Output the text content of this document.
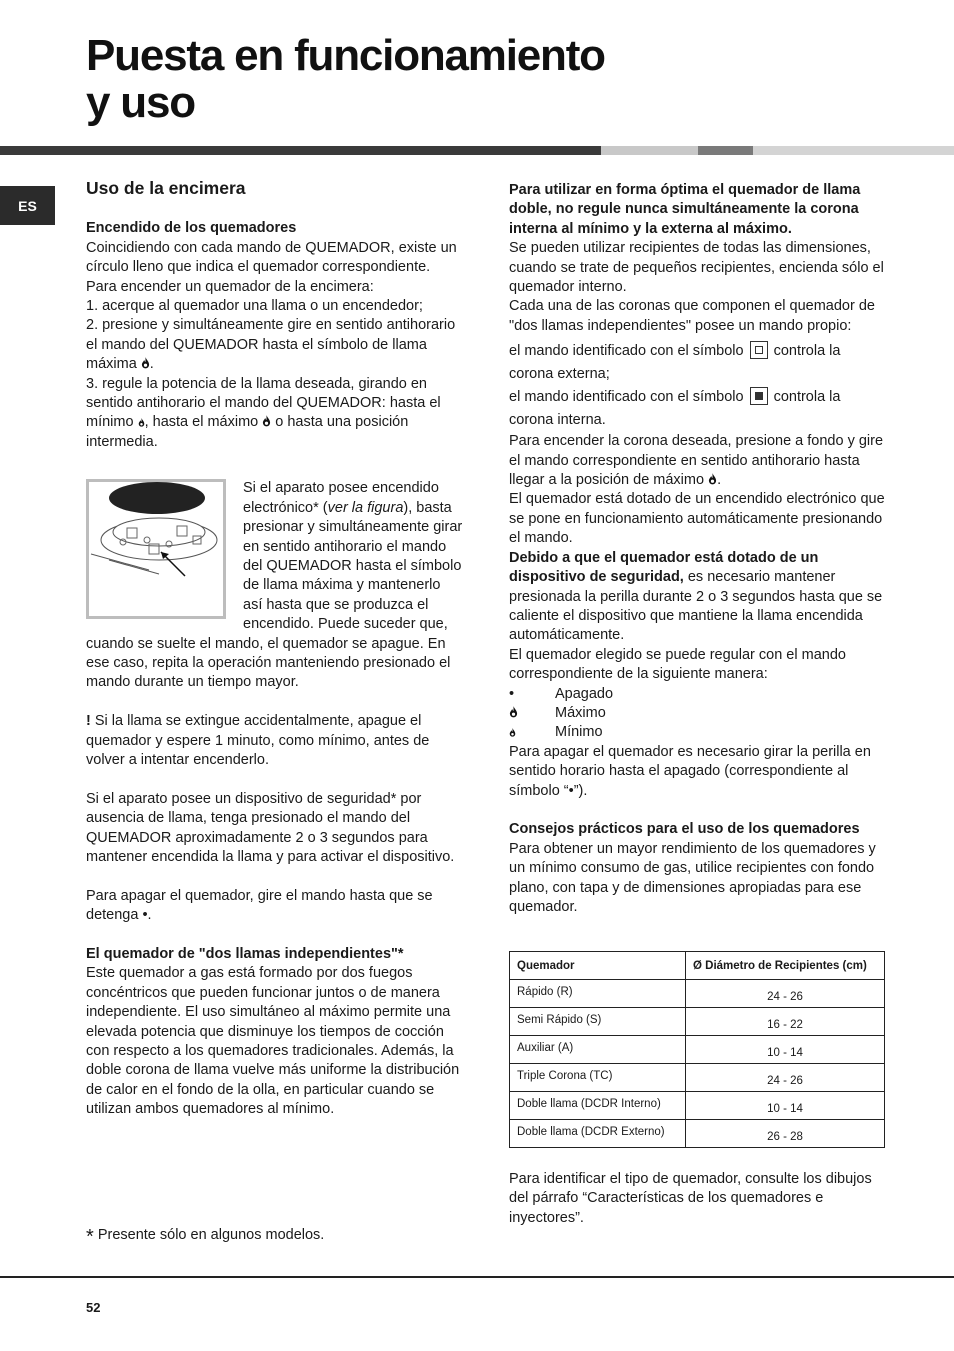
Puesta en funcionamiento
y uso
ES

Uso de la encimera

Encendido de los quemadores

Coincidiendo con cada mando de QUEMADOR, existe un círculo lleno que indica el quemador correspondiente.

Para encender un quemador de la encimera:

1. acerque al quemador una llama o un encendedor;

2. presione y simultáneamente gire en sentido antihorario el mando del QUEMADOR hasta el símbolo de llama máxima .

3. regule la potencia de la llama deseada, girando en sentido antihorario el mando del QUEMADOR: hasta el mínimo , hasta el máximo  o hasta una posición intermedia.

Si el aparato posee encendido electrónico* (ver la figura), basta presionar y simultáneamente girar en sentido antihorario el mando del QUEMADOR hasta el símbolo de llama máxima y mantenerlo así hasta que se produzca el encendido. Puede suceder que, cuando se suelte el mando, el quemador se apague. En ese caso, repita la operación manteniendo presionado el mando durante un tiempo mayor.

! Si la llama se extingue accidentalmente, apague el quemador y espere 1 minuto, como mínimo, antes de volver a intentar encenderlo.

Si el aparato posee un dispositivo de seguridad* por ausencia de llama, tenga presionado el mando del QUEMADOR aproximadamente 2 o 3 segundos para mantener encendida la llama y para activar el dispositivo.

Para apagar el quemador, gire el mando hasta que se detenga •.

El quemador de "dos llamas independientes"*

Este quemador a gas está formado por dos fuegos concéntricos que pueden funcionar juntos o de manera independiente. El uso simultáneo al máximo permite una elevada potencia que disminuye los tiempos de cocción con respecto a los quemadores tradicionales. Además, la doble corona de llama vuelve más uniforme la distribución de calor en el fondo de la olla, en particular cuando se utilizan ambos quemadores al mínimo.

* Presente sólo en algunos modelos.

Para utilizar en forma óptima el quemador de llama doble, no regule nunca simultáneamente la corona interna al mínimo y la externa al máximo.

Se pueden utilizar recipientes de todas las dimensiones, cuando se trate de pequeños recipientes, encienda sólo el quemador interno.

Cada una de las coronas que componen el quemador de "dos llamas independientes" posee un mando propio:

el mando identificado con el símbolo controla la corona externa;

el mando identificado con el símbolo controla la corona interna.

Para encender la corona deseada, presione a fondo y gire el mando correspondiente en sentido antihorario hasta llegar a la posición de máximo .

El quemador está dotado de un encendido electrónico que se pone en funcionamiento automáticamente presionando el mando.

Debido a que el quemador está dotado de un dispositivo de seguridad, es necesario mantener presionada la perilla durante 2 o 3 segundos hasta que se caliente el dispositivo que mantiene la llama encendida automáticamente.

El quemador elegido se puede regular con el mando correspondiente de la siguiente manera:

•	Apagado
Máximo
Mínimo

Para apagar el quemador es necesario girar la perilla en sentido horario hasta el apagado (correspondiente al símbolo “•”).

Consejos prácticos para el uso de los quemadores

Para obtener un mayor rendimiento de los quemadores y un mínimo consumo de gas, utilice recipientes con fondo plano, con tapa y de dimensiones apropiadas para ese quemador.

Quemador	Ø Diámetro de Recipientes (cm)
Rápido (R)	24 - 26
Semi Rápido (S)	16 - 22
Auxiliar (A)	10 - 14
Triple Corona (TC)	24 - 26
Doble llama (DCDR Interno)	10 - 14
Doble llama (DCDR Externo)	26 - 28

Para identificar el tipo de quemador, consulte los dibujos del párrafo “Características de los quemadores e inyectores”.

52
